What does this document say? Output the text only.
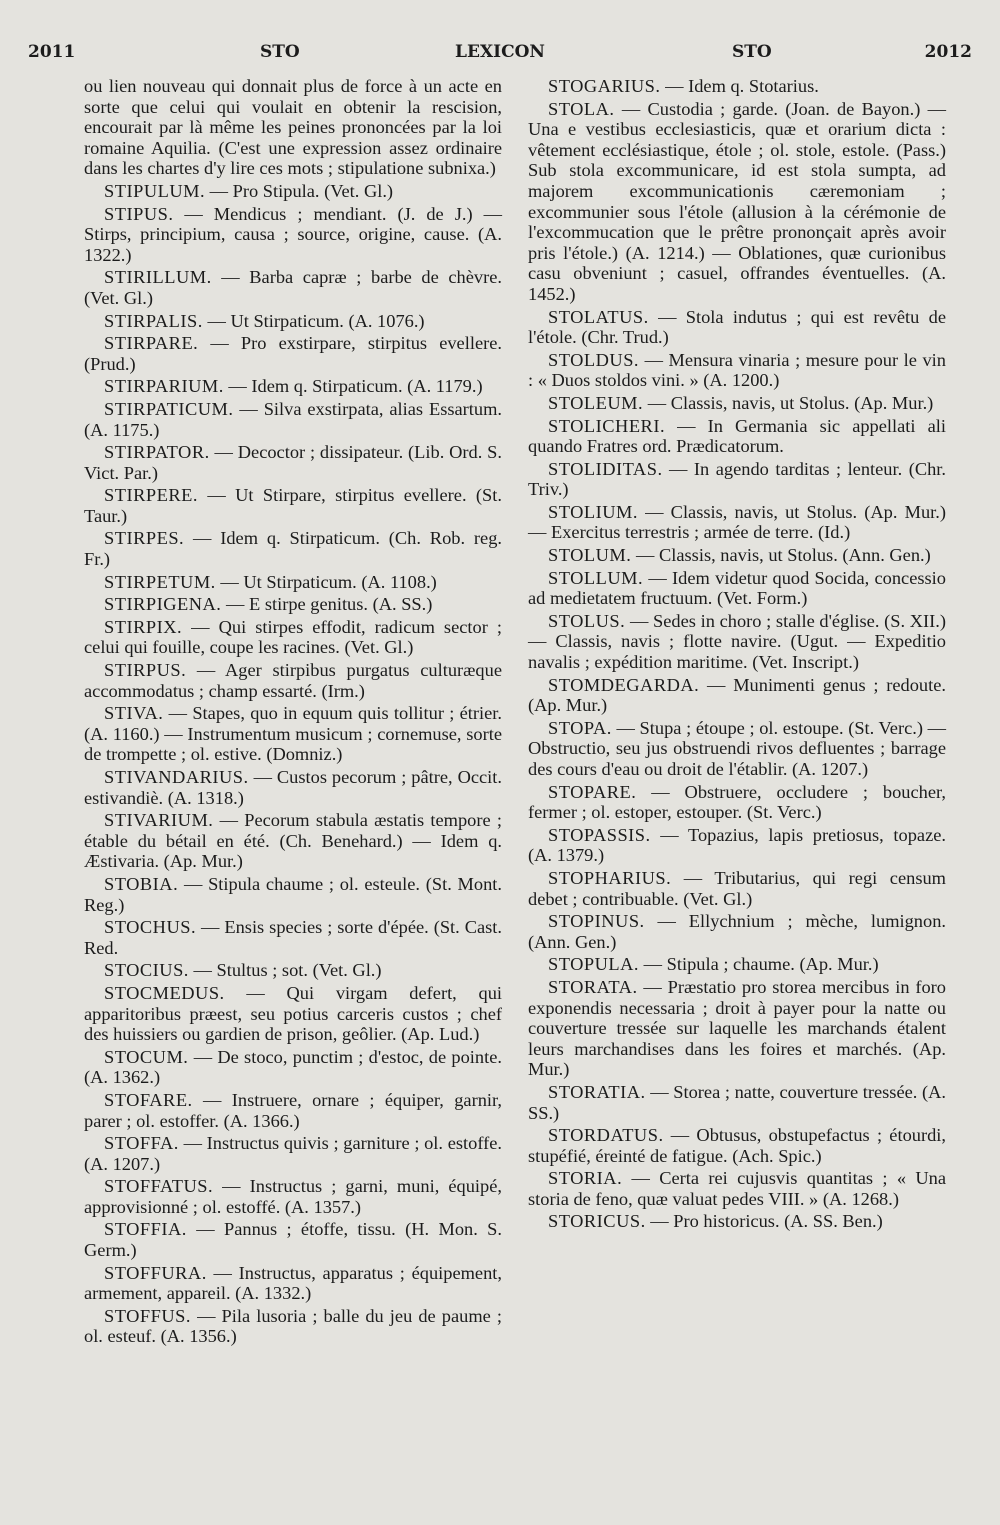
2011	STO	LEXICON	STO	2012

ou lien nouveau qui donnait plus de force à un acte en sorte que celui qui voulait en obtenir la rescision, encourait par là même les peines prononcées par la loi romaine Aquilia. (C'est une expression assez ordinaire dans les chartes d'y lire ces mots ; stipulatione subnixa.)

STIPULUM. — Pro Stipula. (Vet. Gl.)

STIPUS. — Mendicus ; mendiant. (J. de J.) — Stirps, principium, causa ; source, origine, cause. (A. 1322.)

STIRILLUM. — Barba capræ ; barbe de chèvre. (Vet. Gl.)

STIRPALIS. — Ut Stirpaticum. (A. 1076.)

STIRPARE. — Pro exstirpare, stirpitus evellere. (Prud.)

STIRPARIUM. — Idem q. Stirpaticum. (A. 1179.)

STIRPATICUM. — Silva exstirpata, alias Essartum. (A. 1175.)

STIRPATOR. — Decoctor ; dissipateur. (Lib. Ord. S. Vict. Par.)

STIRPERE. — Ut Stirpare, stirpitus evellere. (St. Taur.)

STIRPES. — Idem q. Stirpaticum. (Ch. Rob. reg. Fr.)

STIRPETUM. — Ut Stirpaticum. (A. 1108.)

STIRPIGENA. — E stirpe genitus. (A. SS.)

STIRPIX. — Qui stirpes effodit, radicum sector ; celui qui fouille, coupe les racines. (Vet. Gl.)

STIRPUS. — Ager stirpibus purgatus culturæque accommodatus ; champ essarté. (Irm.)

STIVA. — Stapes, quo in equum quis tollitur ; étrier. (A. 1160.) — Instrumentum musicum ; cornemuse, sorte de trompette ; ol. estive. (Domniz.)

STIVANDARIUS. — Custos pecorum ; pâtre, Occit. estivandiè. (A. 1318.)

STIVARIUM. — Pecorum stabula æstatis tempore ; étable du bétail en été. (Ch. Benehard.) — Idem q. Æstivaria. (Ap. Mur.)

STOBIA. — Stipula chaume ; ol. esteule. (St. Mont. Reg.)

STOCHUS. — Ensis species ; sorte d'épée. (St. Cast. Red.

STOCIUS. — Stultus ; sot. (Vet. Gl.)

STOCMEDUS. — Qui virgam defert, qui apparitoribus præest, seu potius carceris custos ; chef des huissiers ou gardien de prison, geôlier. (Ap. Lud.)

STOCUM. — De stoco, punctim ; d'estoc, de pointe. (A. 1362.)

STOFARE. — Instruere, ornare ; équiper, garnir, parer ; ol. estoffer. (A. 1366.)

STOFFA. — Instructus quivis ; garniture ; ol. estoffe. (A. 1207.)

STOFFATUS. — Instructus ; garni, muni, équipé, approvisionné ; ol. estoffé. (A. 1357.)

STOFFIA. — Pannus ; étoffe, tissu. (H. Mon. S. Germ.)

STOFFURA. — Instructus, apparatus ; équipement, armement, appareil. (A. 1332.)

STOFFUS. — Pila lusoria ; balle du jeu de paume ; ol. esteuf. (A. 1356.)

STOGARIUS. — Idem q. Stotarius.

STOLA. — Custodia ; garde. (Joan. de Bayon.) — Una e vestibus ecclesiasticis, quæ et orarium dicta : vêtement ecclésiastique, étole ; ol. stole, estole. (Pass.) Sub stola excommunicare, id est stola sumpta, ad majorem excommunicationis cæremoniam ; excommunier sous l'étole (allusion à la cérémonie de l'excommucation que le prêtre prononçait après avoir pris l'étole.) (A. 1214.) — Oblationes, quæ curionibus casu obveniunt ; casuel, offrandes éventuelles. (A. 1452.)

STOLATUS. — Stola indutus ; qui est revêtu de l'étole. (Chr. Trud.)

STOLDUS. — Mensura vinaria ; mesure pour le vin : « Duos stoldos vini. » (A. 1200.)

STOLEUM. — Classis, navis, ut Stolus. (Ap. Mur.)

STOLICHERI. — In Germania sic appellati ali quando Fratres ord. Prædicatorum.

STOLIDITAS. — In agendo tarditas ; lenteur. (Chr. Triv.)

STOLIUM. — Classis, navis, ut Stolus. (Ap. Mur.) — Exercitus terrestris ; armée de terre. (Id.)

STOLUM. — Classis, navis, ut Stolus. (Ann. Gen.)

STOLLUM. — Idem videtur quod Socida, concessio ad medietatem fructuum. (Vet. Form.)

STOLUS. — Sedes in choro ; stalle d'église. (S. XII.) — Classis, navis ; flotte navire. (Ugut. — Expeditio navalis ; expédition maritime. (Vet. Inscript.)

STOMDEGARDA. — Munimenti genus ; redoute. (Ap. Mur.)

STOPA. — Stupa ; étoupe ; ol. estoupe. (St. Verc.) — Obstructio, seu jus obstruendi rivos defluentes ; barrage des cours d'eau ou droit de l'établir. (A. 1207.)

STOPARE. — Obstruere, occludere ; boucher, fermer ; ol. estoper, estouper. (St. Verc.)

STOPASSIS. — Topazius, lapis pretiosus, topaze. (A. 1379.)

STOPHARIUS. — Tributarius, qui regi censum debet ; contribuable. (Vet. Gl.)

STOPINUS. — Ellychnium ; mèche, lumignon. (Ann. Gen.)

STOPULA. — Stipula ; chaume. (Ap. Mur.)

STORATA. — Præstatio pro storea mercibus in foro exponendis necessaria ; droit à payer pour la natte ou couverture tressée sur laquelle les marchands étalent leurs marchandises dans les foires et marchés. (Ap. Mur.)

STORATIA. — Storea ; natte, couverture tressée. (A. SS.)

STORDATUS. — Obtusus, obstupefactus ; étourdi, stupéfié, éreinté de fatigue. (Ach. Spic.)

STORIA. — Certa rei cujusvis quantitas ; « Una storia de feno, quæ valuat pedes VIII. » (A. 1268.)

STORICUS. — Pro historicus. (A. SS. Ben.)
